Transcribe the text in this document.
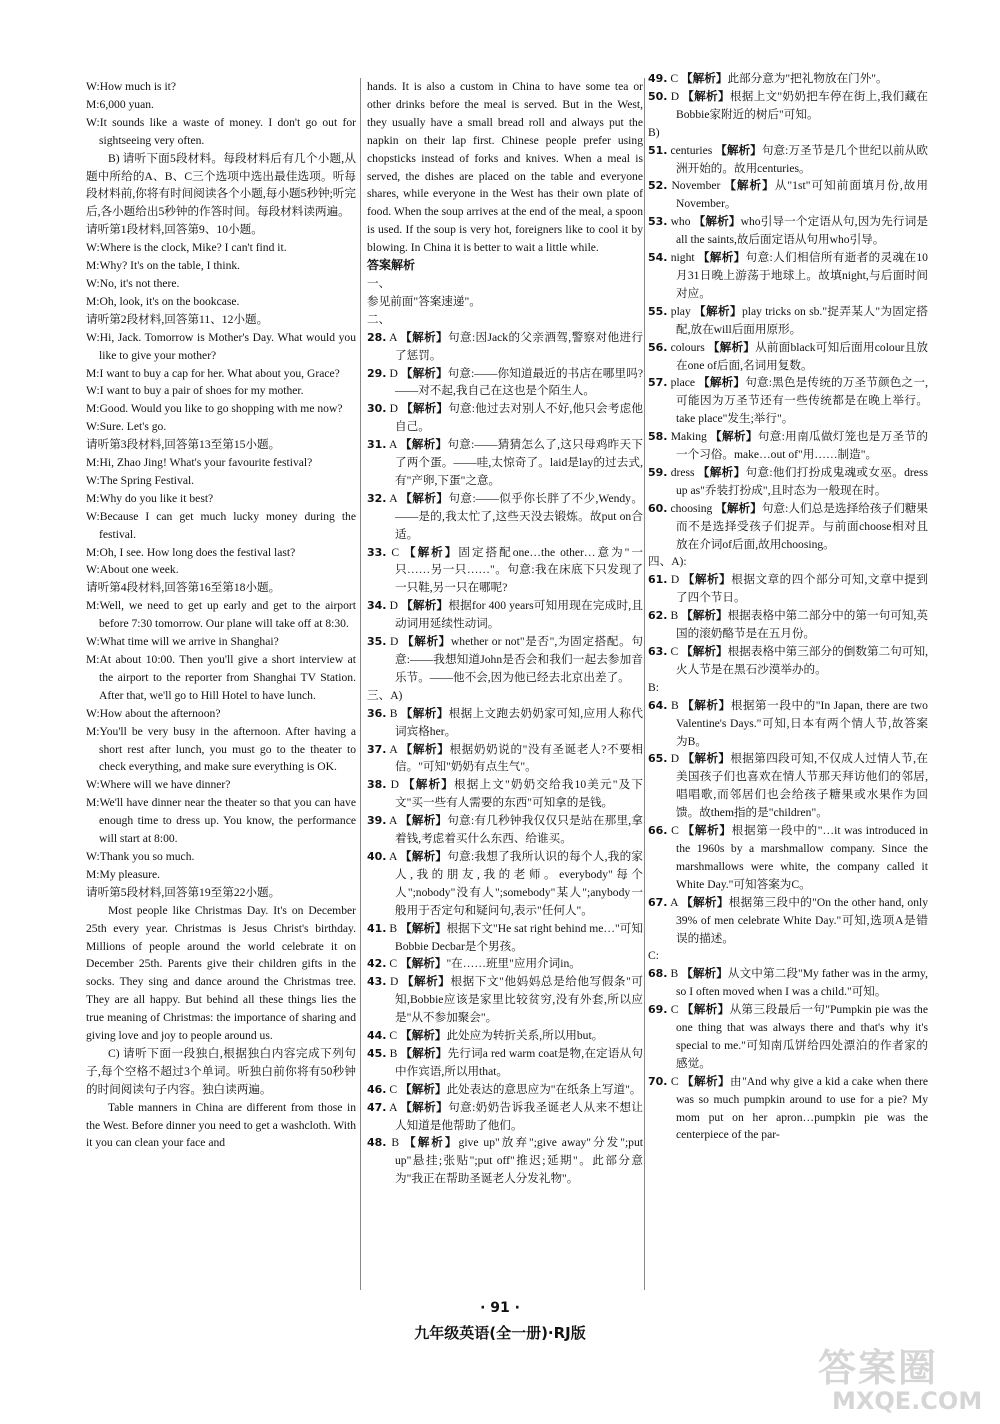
W:How much is it?

M:6,000 yuan.

W:It sounds like a waste of money. I don't go out for sightseeing very often.

B) 请听下面5段材料。每段材料后有几个小题,从题中所给的A、B、C三个选项中选出最佳选项。听每段材料前,你将有时间阅读各个小题,每小题5秒钟;听完后,各小题给出5秒钟的作答时间。每段材料读两遍。

请听第1段材料,回答第9、10小题。

W:Where is the clock, Mike? I can't find it.

M:Why? It's on the table, I think.

W:No, it's not there.

M:Oh, look, it's on the bookcase.

请听第2段材料,回答第11、12小题。

W:Hi, Jack. Tomorrow is Mother's Day. What would you like to give your mother?

M:I want to buy a cap for her. What about you, Grace?

W:I want to buy a pair of shoes for my mother.

M:Good. Would you like to go shopping with me now?

W:Sure. Let's go.

请听第3段材料,回答第13至第15小题。

M:Hi, Zhao Jing! What's your favourite festival?

W:The Spring Festival.

M:Why do you like it best?

W:Because I can get much lucky money during the festival.

M:Oh, I see. How long does the festival last?

W:About one week.

请听第4段材料,回答第16至第18小题。

M:Well, we need to get up early and get to the airport before 7:30 tomorrow. Our plane will take off at 8:30.

W:What time will we arrive in Shanghai?

M:At about 10:00. Then you'll give a short interview at the airport to the reporter from Shanghai TV Station. After that, we'll go to Hill Hotel to have lunch.

W:How about the afternoon?

M:You'll be very busy in the afternoon. After having a short rest after lunch, you must go to the theater to check everything, and make sure everything is OK.

W:Where will we have dinner?

M:We'll have dinner near the theater so that you can have enough time to dress up. You know, the performance will start at 8:00.

W:Thank you so much.

M:My pleasure.

请听第5段材料,回答第19至第22小题。

Most people like Christmas Day. It's on December 25th every year. Christmas is Jesus Christ's birthday. Millions of people around the world celebrate it on December 25th. Parents give their children gifts in the socks. They sing and dance around the Christmas tree. They are all happy. But behind all these things lies the true meaning of Christmas: the importance of sharing and giving love and joy to people around us.

C) 请听下面一段独白,根据独白内容完成下列句子,每个空格不超过3个单词。听独白前你将有50秒钟的时间阅读句子内容。独白读两遍。

Table manners in China are different from those in the West. Before dinner you need to get a washcloth. With it you can clean your face and

hands. It is also a custom in China to have some tea or other drinks before the meal is served. But in the West, they usually have a small bread roll and always put the napkin on their lap first. Chinese people prefer using chopsticks instead of forks and knives. When a meal is served, the dishes are placed on the table and everyone shares, while everyone in the West has their own plate of food. When the soup arrives at the end of the meal, a spoon is used. If the soup is very hot, foreigners like to cool it by blowing. In China it is better to wait a little while.

答案解析

一、

参见前面"答案速递"。

二、

28. A 【解析】句意:因Jack的父亲酒驾,警察对他进行了惩罚。

29. D 【解析】句意:——你知道最近的书店在哪里吗?——对不起,我自己在这也是个陌生人。

30. D 【解析】句意:他过去对别人不好,他只会考虑他自己。

31. A 【解析】句意:——猜猜怎么了,这只母鸡昨天下了两个蛋。——哇,太惊奇了。laid是lay的过去式,有"产卵,下蛋"之意。

32. A 【解析】句意:——似乎你长胖了不少,Wendy。——是的,我太忙了,这些天没去锻炼。故put on合适。

33. C 【解析】固定搭配one…the other…意为"一只……另一只……"。句意:我在床底下只发现了一只鞋,另一只在哪呢?

34. D 【解析】根据for 400 years可知用现在完成时,且动词用延续性动词。

35. D 【解析】whether or not"是否",为固定搭配。句意:——我想知道John是否会和我们一起去参加音乐节。——他不会,因为他已经去北京出差了。

三、A)

36. B 【解析】根据上文跑去奶奶家可知,应用人称代词宾格her。

37. A 【解析】根据奶奶说的"没有圣诞老人?不要相信。"可知"奶奶有点生气"。

38. D 【解析】根据上文"奶奶交给我10美元"及下文"买一些有人需要的东西"可知拿的是钱。

39. A 【解析】句意:有几秒钟我仅仅只是站在那里,拿着钱,考虑着买什么东西、给谁买。

40. A 【解析】句意:我想了我所认识的每个人,我的家人,我的朋友,我的老师。everybody"每个人";nobody"没有人";somebody"某人";anybody一般用于否定句和疑问句,表示"任何人"。

41. B 【解析】根据下文"He sat right behind me…"可知Bobbie Decbar是个男孩。

42. C 【解析】"在……班里"应用介词in。

43. D 【解析】根据下文"他妈妈总是给他写假条"可知,Bobbie应该是家里比较贫穷,没有外套,所以应是"从不参加聚会"。

44. C 【解析】此处应为转折关系,所以用but。

45. B 【解析】先行词a red warm coat是物,在定语从句中作宾语,所以用that。

46. C 【解析】此处表达的意思应为"在纸条上写道"。

47. A 【解析】句意:奶奶告诉我圣诞老人从来不想让人知道是他帮助了他们。

48. B 【解析】give up"放弃";give away"分发";put up"悬挂;张贴";put off"推迟;延期"。此部分意为"我正在帮助圣诞老人分发礼物"。

49. C 【解析】此部分意为"把礼物放在门外"。

50. D 【解析】根据上文"奶奶把车停在街上,我们藏在Bobbie家附近的树后"可知。

B)

51. centuries 【解析】句意:万圣节是几个世纪以前从欧洲开始的。故用centuries。

52. November 【解析】从"1st"可知前面填月份,故用November。

53. who 【解析】who引导一个定语从句,因为先行词是all the saints,故后面定语从句用who引导。

54. night 【解析】句意:人们相信所有逝者的灵魂在10月31日晚上游荡于地球上。故填night,与后面时间对应。

55. play 【解析】play tricks on sb."捉弄某人"为固定搭配,放在will后面用原形。

56. colours 【解析】从前面black可知后面用colour且放在one of后面,名词用复数。

57. place 【解析】句意:黑色是传统的万圣节颜色之一,可能因为万圣节还有一些传统都是在晚上举行。take place"发生;举行"。

58. Making 【解析】句意:用南瓜做灯笼也是万圣节的一个习俗。make…out of"用……制造"。

59. dress 【解析】句意:他们打扮成鬼魂或女巫。dress up as"乔装打扮成",且时态为一般现在时。

60. choosing 【解析】句意:人们总是选择给孩子们糖果而不是选择受孩子们捉弄。与前面choose相对且放在介词of后面,故用choosing。

四、A):

61. D 【解析】根据文章的四个部分可知,文章中提到了四个节日。

62. B 【解析】根据表格中第二部分中的第一句可知,英国的滚奶酪节是在五月份。

63. C 【解析】根据表格中第三部分的倒数第二句可知,火人节是在黑石沙漠举办的。

B:

64. B 【解析】根据第一段中的"In Japan, there are two Valentine's Days."可知,日本有两个情人节,故答案为B。

65. D 【解析】根据第四段可知,不仅成人过情人节,在美国孩子们也喜欢在情人节那天拜访他们的邻居,唱唱歌,而邻居们也会给孩子糖果或水果作为回馈。故them指的是"children"。

66. C 【解析】根据第一段中的"…it was introduced in the 1960s by a marshmallow company. Since the marshmallows were white, the company called it White Day."可知答案为C。

67. A 【解析】根据第三段中的"On the other hand, only 39% of men celebrate White Day."可知,选项A是错误的描述。

C:

68. B 【解析】从文中第二段"My father was in the army, so I often moved when I was a child."可知。

69. C 【解析】从第三段最后一句"Pumpkin pie was the one thing that was always there and that's why it's special to me."可知南瓜饼给四处漂泊的作者家的感觉。

70. C 【解析】由"And why give a kid a cake when there was so much pumpkin around to use for a pie? My mom put on her apron…pumpkin pie was the centerpiece of the par-

· 91 ·
九年级英语(全一册)·RJ版
答案圈
MXQE.COM
